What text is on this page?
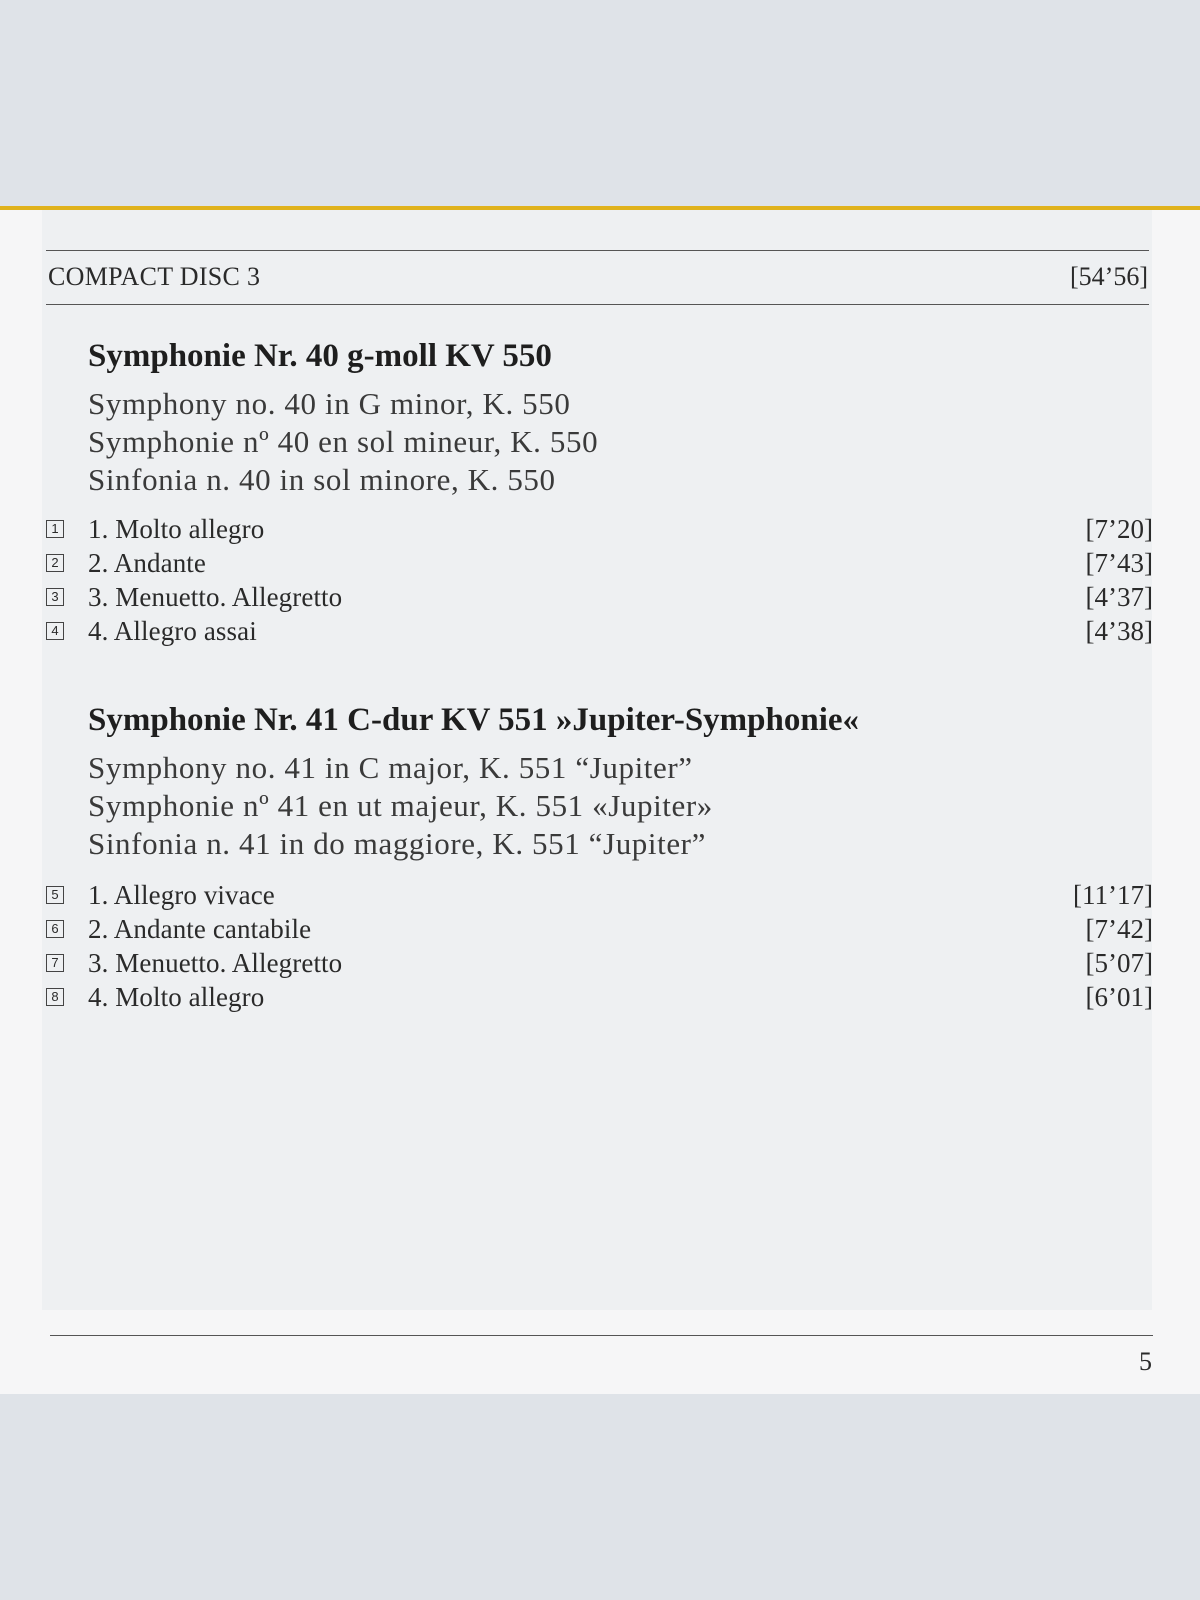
COMPACT DISC 3	[54’56]
Symphonie Nr. 40 g-moll KV 550
Symphony no. 40 in G minor, K. 550
Symphonie nº 40 en sol mineur, K. 550
Sinfonia n. 40 in sol minore, K. 550
1 1. Molto allegro	[7’20]
2 2. Andante	[7’43]
3 3. Menuetto. Allegretto	[4’37]
4 4. Allegro assai	[4’38]
Symphonie Nr. 41 C-dur KV 551 »Jupiter-Symphonie«
Symphony no. 41 in C major, K. 551 “Jupiter”
Symphonie nº 41 en ut majeur, K. 551 «Jupiter»
Sinfonia n. 41 in do maggiore, K. 551 “Jupiter”
5 1. Allegro vivace	[11’17]
6 2. Andante cantabile	[7’42]
7 3. Menuetto. Allegretto	[5’07]
8 4. Molto allegro	[6’01]
5
